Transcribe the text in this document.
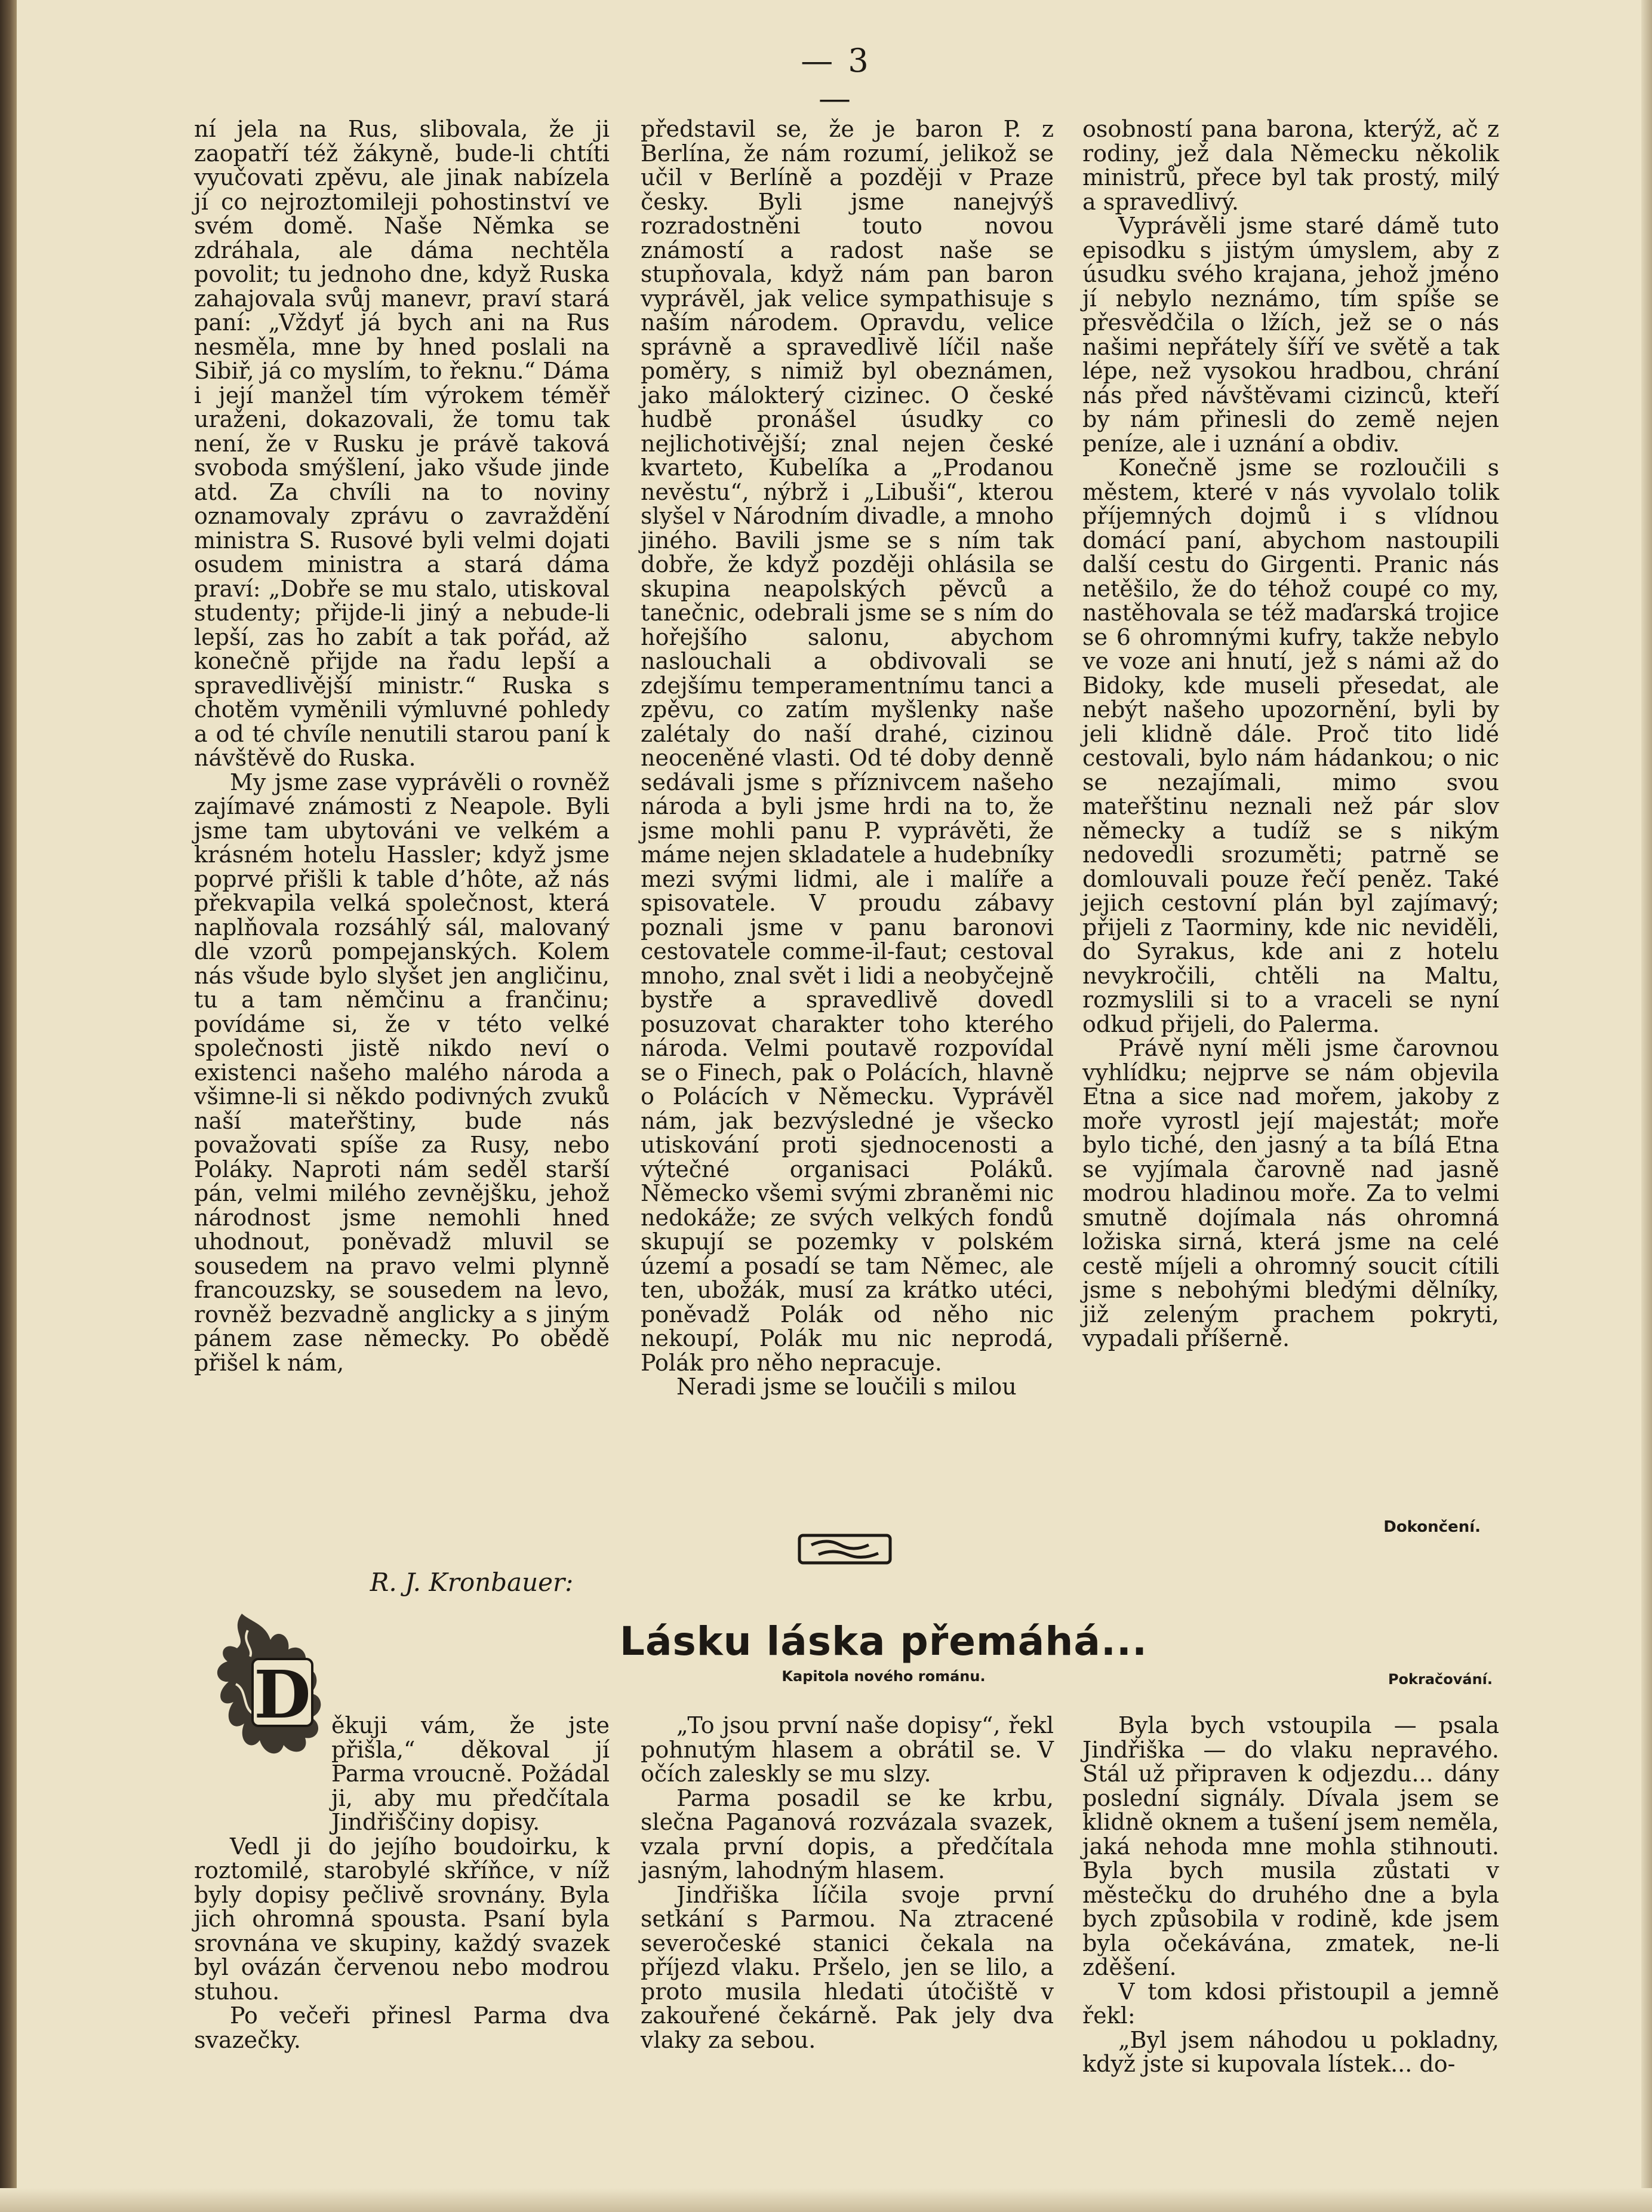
— 3 —

ní jela na Rus, slibovala, že ji zaopatří též žákyně, bude-li chtíti vyučovati zpěvu, ale jinak nabízela jí co nejroztomileji pohostinství ve svém domě. Naše Němka se zdráhala, ale dáma nechtěla povolit; tu jednoho dne, když Ruska zahajovala svůj manevr, praví stará paní: „Vždyť já bych ani na Rus nesměla, mne by hned poslali na Sibiř, já co myslím, to řeknu.“ Dáma i její manžel tím výrokem téměř uraženi, dokazovali, že tomu tak není, že v Rusku je právě taková svoboda smýšlení, jako všude jinde atd. Za chvíli na to noviny oznamovaly zprávu o zavraždění ministra S. Rusové byli velmi dojati osudem ministra a stará dáma praví: „Dobře se mu stalo, utiskoval studenty; přijde-li jiný a nebude-li lepší, zas ho zabít a tak pořád, až konečně přijde na řadu lepší a spravedlivější ministr.“ Ruska s chotěm vyměnili výmluvné pohledy a od té chvíle nenutili starou paní k návštěvě do Ruska.

My jsme zase vyprávěli o rovněž zajímavé známosti z Neapole. Byli jsme tam ubytováni ve velkém a krásném hotelu Hassler; když jsme poprvé přišli k table d’hôte, až nás překvapila velká společnost, která naplňovala rozsáhlý sál, malovaný dle vzorů pompejanských. Kolem nás všude bylo slyšet jen angličinu, tu a tam němčinu a frančinu; povídáme si, že v této velké společnosti jistě nikdo neví o existenci našeho malého národa a všimne-li si někdo podivných zvuků naší mateřštiny, bude nás považovati spíše za Rusy, nebo Poláky. Naproti nám seděl starší pán, velmi milého zevnějšku, jehož národnost jsme nemohli hned uhodnout, poněvadž mluvil se sousedem na pravo velmi plynně francouzsky, se sousedem na levo, rovněž bezvadně anglicky a s jiným pánem zase německy. Po obědě přišel k nám,

představil se, že je baron P. z Berlína, že nám rozumí, jelikož se učil v Berlíně a později v Praze česky. Byli jsme nanejvýš rozradostněni touto novou známostí a radost naše se stupňovala, když nám pan baron vyprávěl, jak velice sympathisuje s naším národem. Opravdu, velice správně a spravedlivě líčil naše poměry, s nimiž byl obeznámen, jako málokterý cizinec. O české hudbě pronášel úsudky co nejlichotivější; znal nejen české kvarteto, Kubelíka a „Prodanou nevěstu“, nýbrž i „Libuši“, kterou slyšel v Národním divadle, a mnoho jiného. Bavili jsme se s ním tak dobře, že když později ohlásila se skupina neapolských pěvců a tanečnic, odebrali jsme se s ním do hořejšího salonu, abychom naslouchali a obdivovali se zdejšímu temperamentnímu tanci a zpěvu, co zatím myšlenky naše zalétaly do naší drahé, cizinou neoceněné vlasti. Od té doby denně sedávali jsme s příznivcem našeho národa a byli jsme hrdi na to, že jsme mohli panu P. vyprávěti, že máme nejen skladatele a hudebníky mezi svými lidmi, ale i malíře a spisovatele. V proudu zábavy poznali jsme v panu baronovi cestovatele comme-il-faut; cestoval mnoho, znal svět i lidi a neobyčejně bystře a spravedlivě dovedl posuzovat charakter toho kterého národa. Velmi poutavě rozpovídal se o Finech, pak o Polácích, hlavně o Polácích v Německu. Vyprávěl nám, jak bezvýsledné je všecko utiskování proti sjednocenosti a výtečné organisaci Poláků. Německo všemi svými zbraněmi nic nedokáže; ze svých velkých fondů skupují se pozemky v polském území a posadí se tam Němec, ale ten, ubožák, musí za krátko utéci, poněvadž Polák od něho nic nekoupí, Polák mu nic neprodá, Polák pro něho nepracuje.

Neradi jsme se loučili s milou

osobností pana barona, kterýž, ač z rodiny, jež dala Německu několik ministrů, přece byl tak prostý, milý a spravedlivý.

Vyprávěli jsme staré dámě tuto episodku s jistým úmyslem, aby z úsudku svého krajana, jehož jméno jí nebylo neznámo, tím spíše se přesvědčila o lžích, jež se o nás našimi nepřátely šíří ve světě a tak lépe, než vysokou hradbou, chrání nás před návštěvami cizinců, kteří by nám přinesli do země nejen peníze, ale i uznání a obdiv.

Konečně jsme se rozloučili s městem, které v nás vyvolalo tolik příjemných dojmů i s vlídnou domácí paní, abychom nastoupili další cestu do Girgenti. Pranic nás netěšilo, že do téhož coupé co my, nastěhovala se též maďarská trojice se 6 ohromnými kufry, takže nebylo ve voze ani hnutí, jež s námi až do Bidoky, kde museli přesedat, ale nebýt našeho upozornění, byli by jeli klidně dále. Proč tito lidé cestovali, bylo nám hádankou; o nic se nezajímali, mimo svou mateřštinu neznali než pár slov německy a tudíž se s nikým nedovedli srozuměti; patrně se domlouvali pouze řečí peněz. Také jejich cestovní plán byl zajímavý; přijeli z Taorminy, kde nic neviděli, do Syrakus, kde ani z hotelu nevykročili, chtěli na Maltu, rozmyslili si to a vraceli se nyní odkud přijeli, do Palerma.

Právě nyní měli jsme čarovnou vyhlídku; nejprve se nám objevila Etna a sice nad mořem, jakoby z moře vyrostl její majestát; moře bylo tiché, den jasný a ta bílá Etna se vyjímala čarovně nad jasně modrou hladinou moře. Za to velmi smutně dojímala nás ohromná ložiska sirná, která jsme na celé cestě míjeli a ohromný soucit cítili jsme s nebohými bledými dělníky, již zeleným prachem pokryti, vypadali příšerně.

Dokončení.
R. J. Kronbauer:
Lásku láska přemáhá...
Kapitola nového románu.	Pokračování.
D ěkuji vám, že jste přišla,“ děkoval jí Parma vroucně. Požádal ji, aby mu předčítala Jindřiščiny dopisy.

Vedl ji do jejího boudoirku, k roztomilé, starobylé skříňce, v níž byly dopisy pečlivě srovnány. Byla jich ohromná spousta. Psaní byla srovnána ve skupiny, každý svazek byl ovázán červenou nebo modrou stuhou.

Po večeři přinesl Parma dva svazečky.

„To jsou první naše dopisy“, řekl pohnutým hlasem a obrátil se. V očích zaleskly se mu slzy.

Parma posadil se ke krbu, slečna Paganová rozvázala svazek, vzala první dopis, a předčítala jasným, lahodným hlasem.

Jindřiška líčila svoje první setkání s Parmou. Na ztracené severočeské stanici čekala na příjezd vlaku. Pršelo, jen se lilo, a proto musila hledati útočiště v zakouřené čekárně. Pak jely dva vlaky za sebou.

Byla bych vstoupila — psala Jindřiška — do vlaku nepravého. Stál už připraven k odjezdu... dány poslední signály. Dívala jsem se klidně oknem a tušení jsem neměla, jaká nehoda mne mohla stihnouti. Byla bych musila zůstati v městečku do druhého dne a byla bych způsobila v rodině, kde jsem byla očekávána, zmatek, ne-li zděšení.

V tom kdosi přistoupil a jemně řekl:

„Byl jsem náhodou u pokladny, když jste si kupovala lístek... do-
